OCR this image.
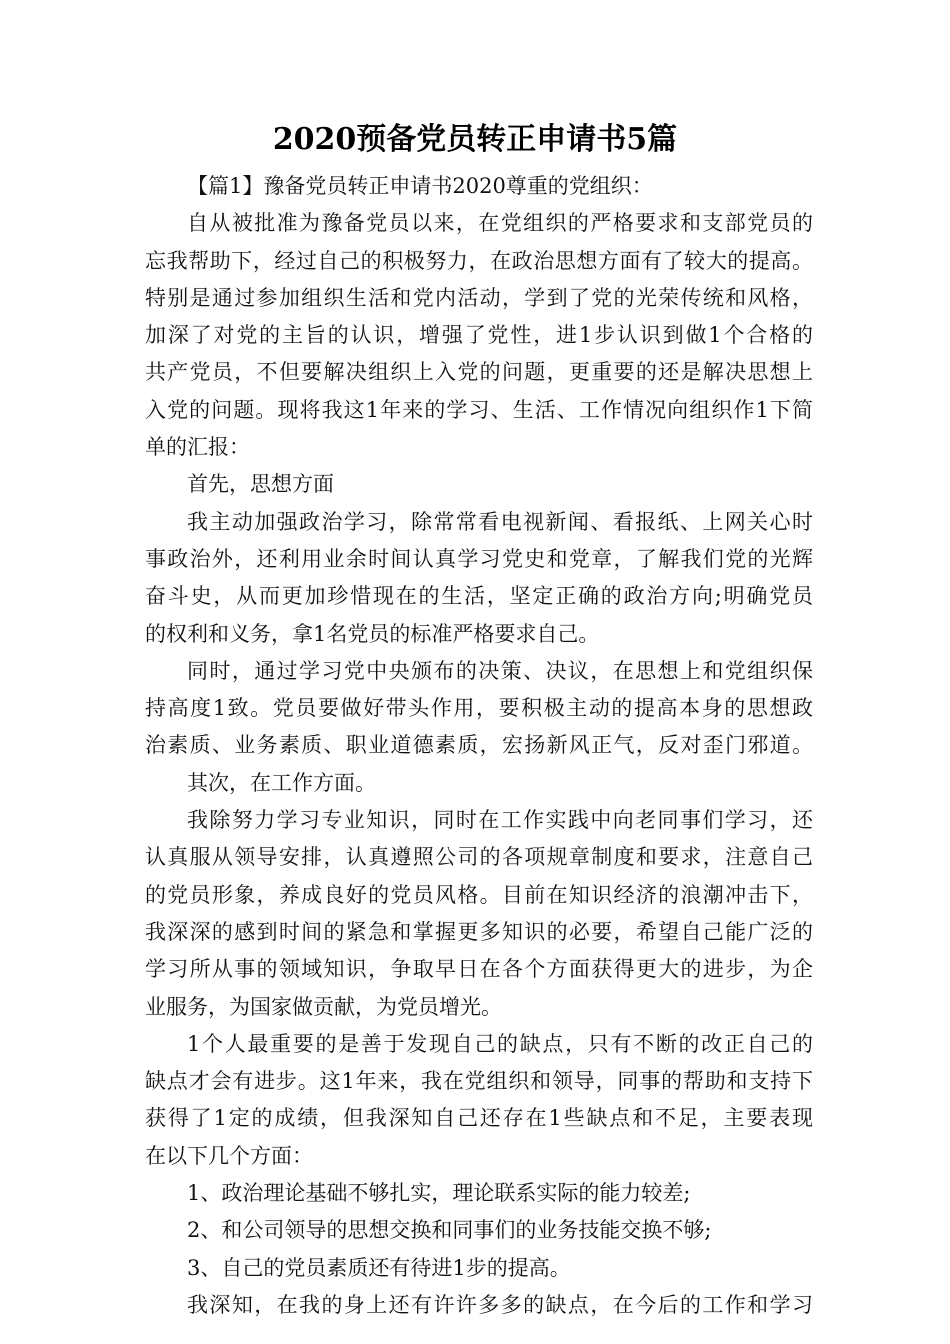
2020预备党员转正申请书5篇
【篇1】豫备党员转正申请书2020尊重的党组织：
自从被批准为豫备党员以来，在党组织的严格要求和支部党员的
忘我帮助下，经过自己的积极努力，在政治思想方面有了较大的提高。
特别是通过参加组织生活和党内活动，学到了党的光荣传统和风格，
加深了对党的主旨的认识，增强了党性，进1步认识到做1个合格的
共产党员，不但要解决组织上入党的问题，更重要的还是解决思想上
入党的问题。现将我这1年来的学习、生活、工作情况向组织作1下简
单的汇报：
首先，思想方面
我主动加强政治学习，除常常看电视新闻、看报纸、上网关心时
事政治外，还利用业余时间认真学习党史和党章，了解我们党的光辉
奋斗史，从而更加珍惜现在的生活，坚定正确的政治方向;明确党员
的权利和义务，拿1名党员的标准严格要求自己。
同时，通过学习党中央颁布的决策、决议，在思想上和党组织保
持高度1致。党员要做好带头作用，要积极主动的提高本身的思想政
治素质、业务素质、职业道德素质，宏扬新风正气，反对歪门邪道。
其次，在工作方面。
我除努力学习专业知识，同时在工作实践中向老同事们学习，还
认真服从领导安排，认真遵照公司的各项规章制度和要求，注意自己
的党员形象，养成良好的党员风格。目前在知识经济的浪潮冲击下，
我深深的感到时间的紧急和掌握更多知识的必要，希望自己能广泛的
学习所从事的领域知识，争取早日在各个方面获得更大的进步，为企
业服务，为国家做贡献，为党员增光。
1个人最重要的是善于发现自己的缺点，只有不断的改正自己的
缺点才会有进步。这1年来，我在党组织和领导，同事的帮助和支持下
获得了1定的成绩，但我深知自己还存在1些缺点和不足，主要表现
在以下几个方面：
1、政治理论基础不够扎实，理论联系实际的能力较差;
2、和公司领导的思想交换和同事们的业务技能交换不够;
3、自己的党员素质还有待进1步的提高。
我深知，在我的身上还有许许多多的缺点，在今后的工作和学习
